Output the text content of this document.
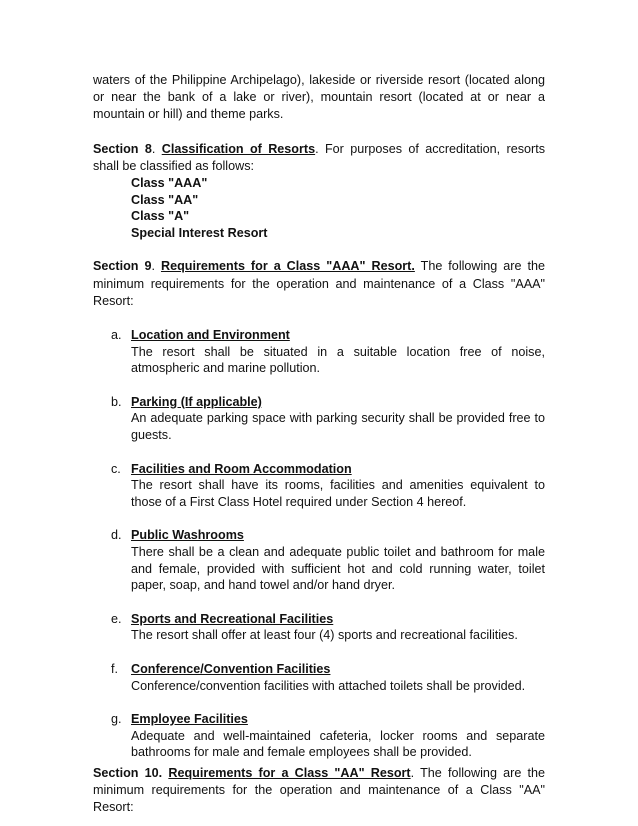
waters of the Philippine Archipelago), lakeside or riverside resort (located along or near the bank of a lake or river), mountain resort (located at or near a mountain or hill) and theme parks.

Section 8. Classification of Resorts. For purposes of accreditation, resorts shall be classified as follows:

Class "AAA"
Class "AA"
Class "A"
Special Interest Resort

Section 9. Requirements for a Class "AAA" Resort. The following are the minimum requirements for the operation and maintenance of a Class "AAA" Resort:

a. Location and Environment
The resort shall be situated in a suitable location free of noise, atmospheric and marine pollution.
b. Parking (If applicable)
An adequate parking space with parking security shall be provided free to guests.
c. Facilities and Room Accommodation
The resort shall have its rooms, facilities and amenities equivalent to those of a First Class Hotel required under Section 4 hereof.
d. Public Washrooms
There shall be a clean and adequate public toilet and bathroom for male and female, provided with sufficient hot and cold running water, toilet paper, soap, and hand towel and/or hand dryer.
e. Sports and Recreational Facilities
The resort shall offer at least four (4) sports and recreational facilities.
f. Conference/Convention Facilities
Conference/convention facilities with attached toilets shall be provided.
g. Employee Facilities
Adequate and well-maintained cafeteria, locker rooms and separate bathrooms for male and female employees shall be provided.

Section 10. Requirements for a Class "AA" Resort. The following are the minimum requirements for the operation and maintenance of a Class "AA" Resort:
